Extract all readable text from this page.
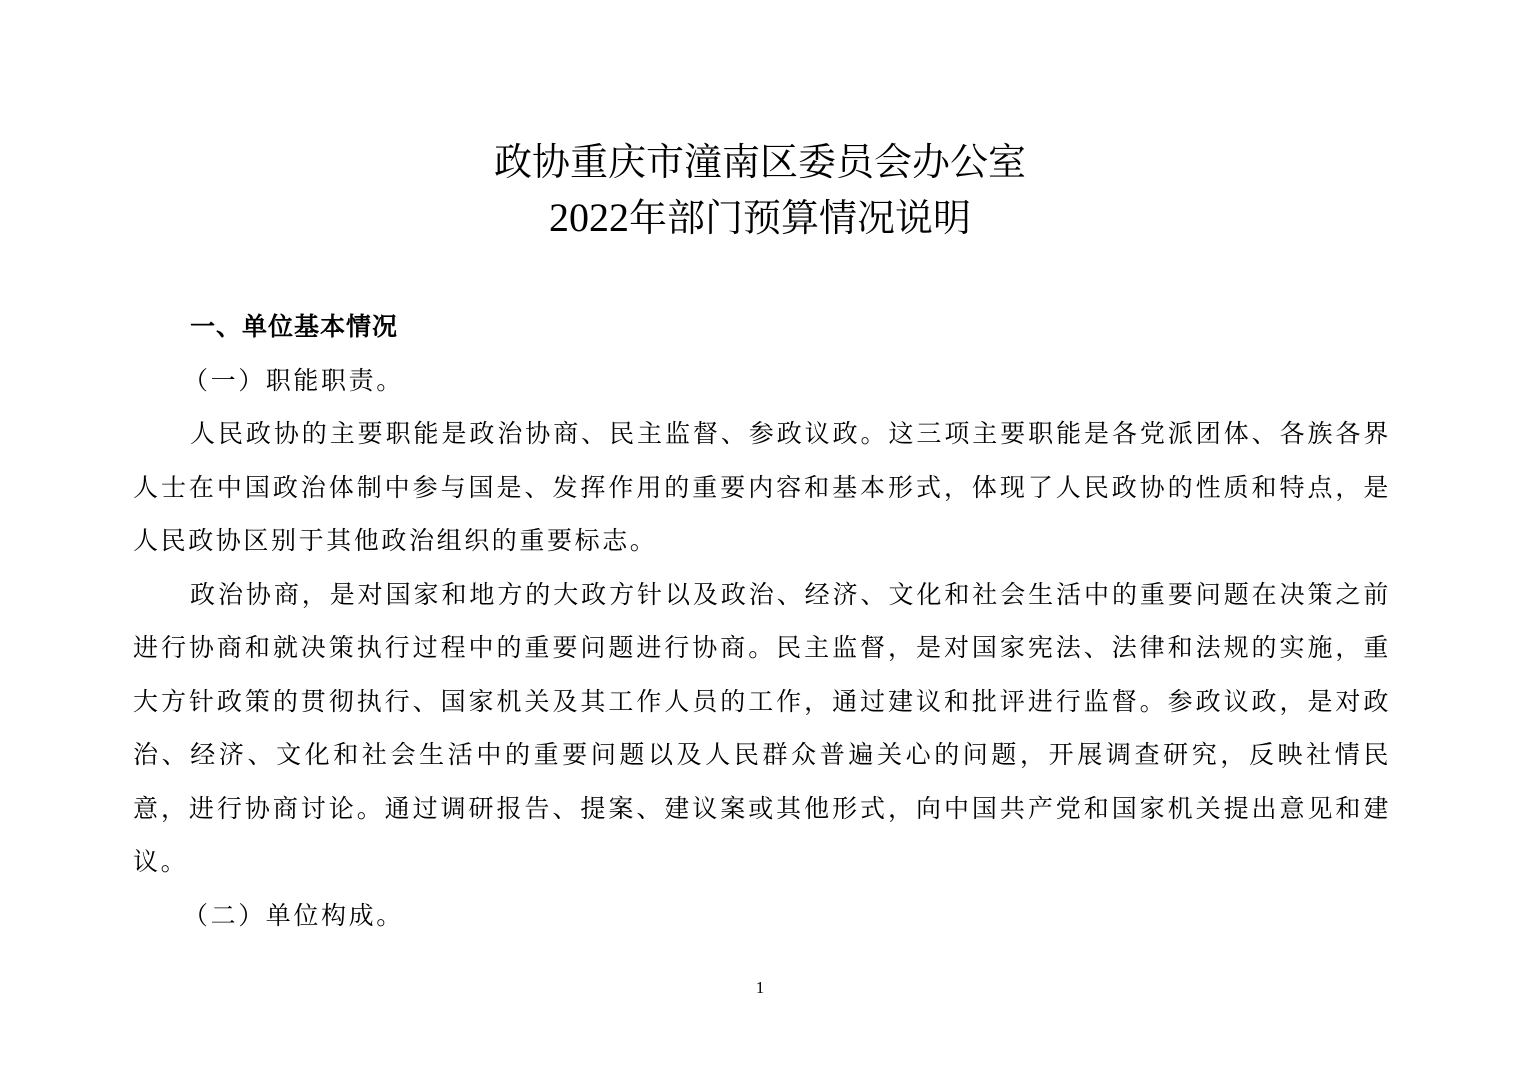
政协重庆市潼南区委员会办公室
2022年部门预算情况说明

一、单位基本情况

（一）职能职责。

人民政协的主要职能是政治协商、民主监督、参政议政。这三项主要职能是各党派团体、各族各界人士在中国政治体制中参与国是、发挥作用的重要内容和基本形式，体现了人民政协的性质和特点，是人民政协区别于其他政治组织的重要标志。

政治协商，是对国家和地方的大政方针以及政治、经济、文化和社会生活中的重要问题在决策之前进行协商和就决策执行过程中的重要问题进行协商。民主监督，是对国家宪法、法律和法规的实施，重大方针政策的贯彻执行、国家机关及其工作人员的工作，通过建议和批评进行监督。参政议政，是对政治、经济、文化和社会生活中的重要问题以及人民群众普遍关心的问题，开展调查研究，反映社情民意，进行协商讨论。通过调研报告、提案、建议案或其他形式，向中国共产党和国家机关提出意见和建议。

（二）单位构成。

1
